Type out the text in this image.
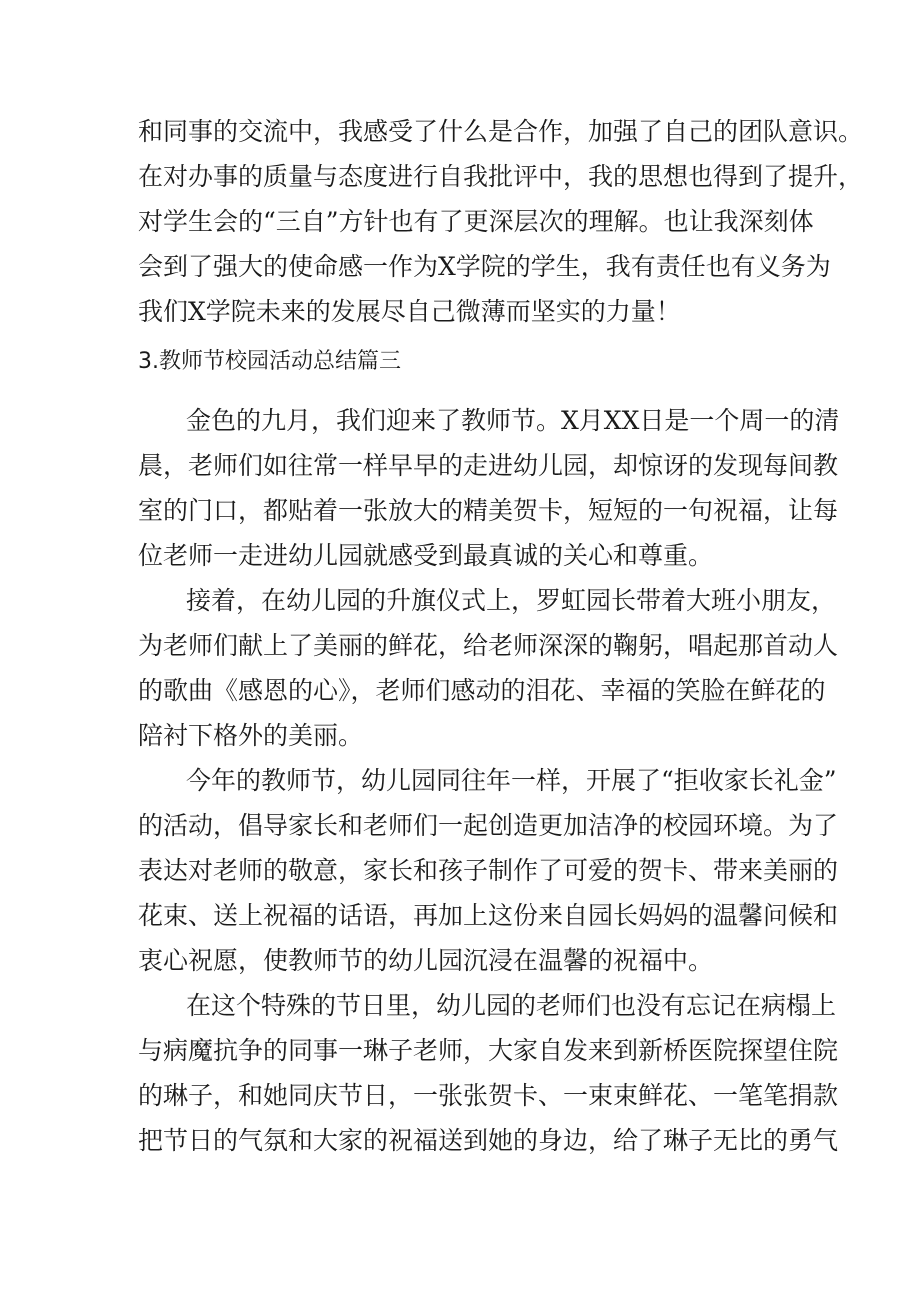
和同事的交流中，我感受了什么是合作，加强了自己的团队意识。
在对办事的质量与态度进行自我批评中，我的思想也得到了提升，
对学生会的“三自”方针也有了更深层次的理解。也让我深刻体
会到了强大的使命感一作为X学院的学生，我有责任也有义务为
我们X学院未来的发展尽自己微薄而坚实的力量！
3.教师节校园活动总结篇三
金色的九月，我们迎来了教师节。X月XX日是一个周一的清
晨，老师们如往常一样早早的走进幼儿园，却惊讶的发现每间教
室的门口，都贴着一张放大的精美贺卡，短短的一句祝福，让每
位老师一走进幼儿园就感受到最真诚的关心和尊重。
接着，在幼儿园的升旗仪式上，罗虹园长带着大班小朋友，
为老师们献上了美丽的鲜花，给老师深深的鞠躬，唱起那首动人
的歌曲《感恩的心》，老师们感动的泪花、幸福的笑脸在鲜花的
陪衬下格外的美丽。
今年的教师节，幼儿园同往年一样，开展了“拒收家长礼金”
的活动，倡导家长和老师们一起创造更加洁净的校园环境。为了
表达对老师的敬意，家长和孩子制作了可爱的贺卡、带来美丽的
花束、送上祝福的话语，再加上这份来自园长妈妈的温馨问候和
衷心祝愿，使教师节的幼儿园沉浸在温馨的祝福中。
在这个特殊的节日里，幼儿园的老师们也没有忘记在病榻上
与病魔抗争的同事一琳子老师，大家自发来到新桥医院探望住院
的琳子，和她同庆节日，一张张贺卡、一束束鲜花、一笔笔捐款
把节日的气氛和大家的祝福送到她的身边，给了琳子无比的勇气
